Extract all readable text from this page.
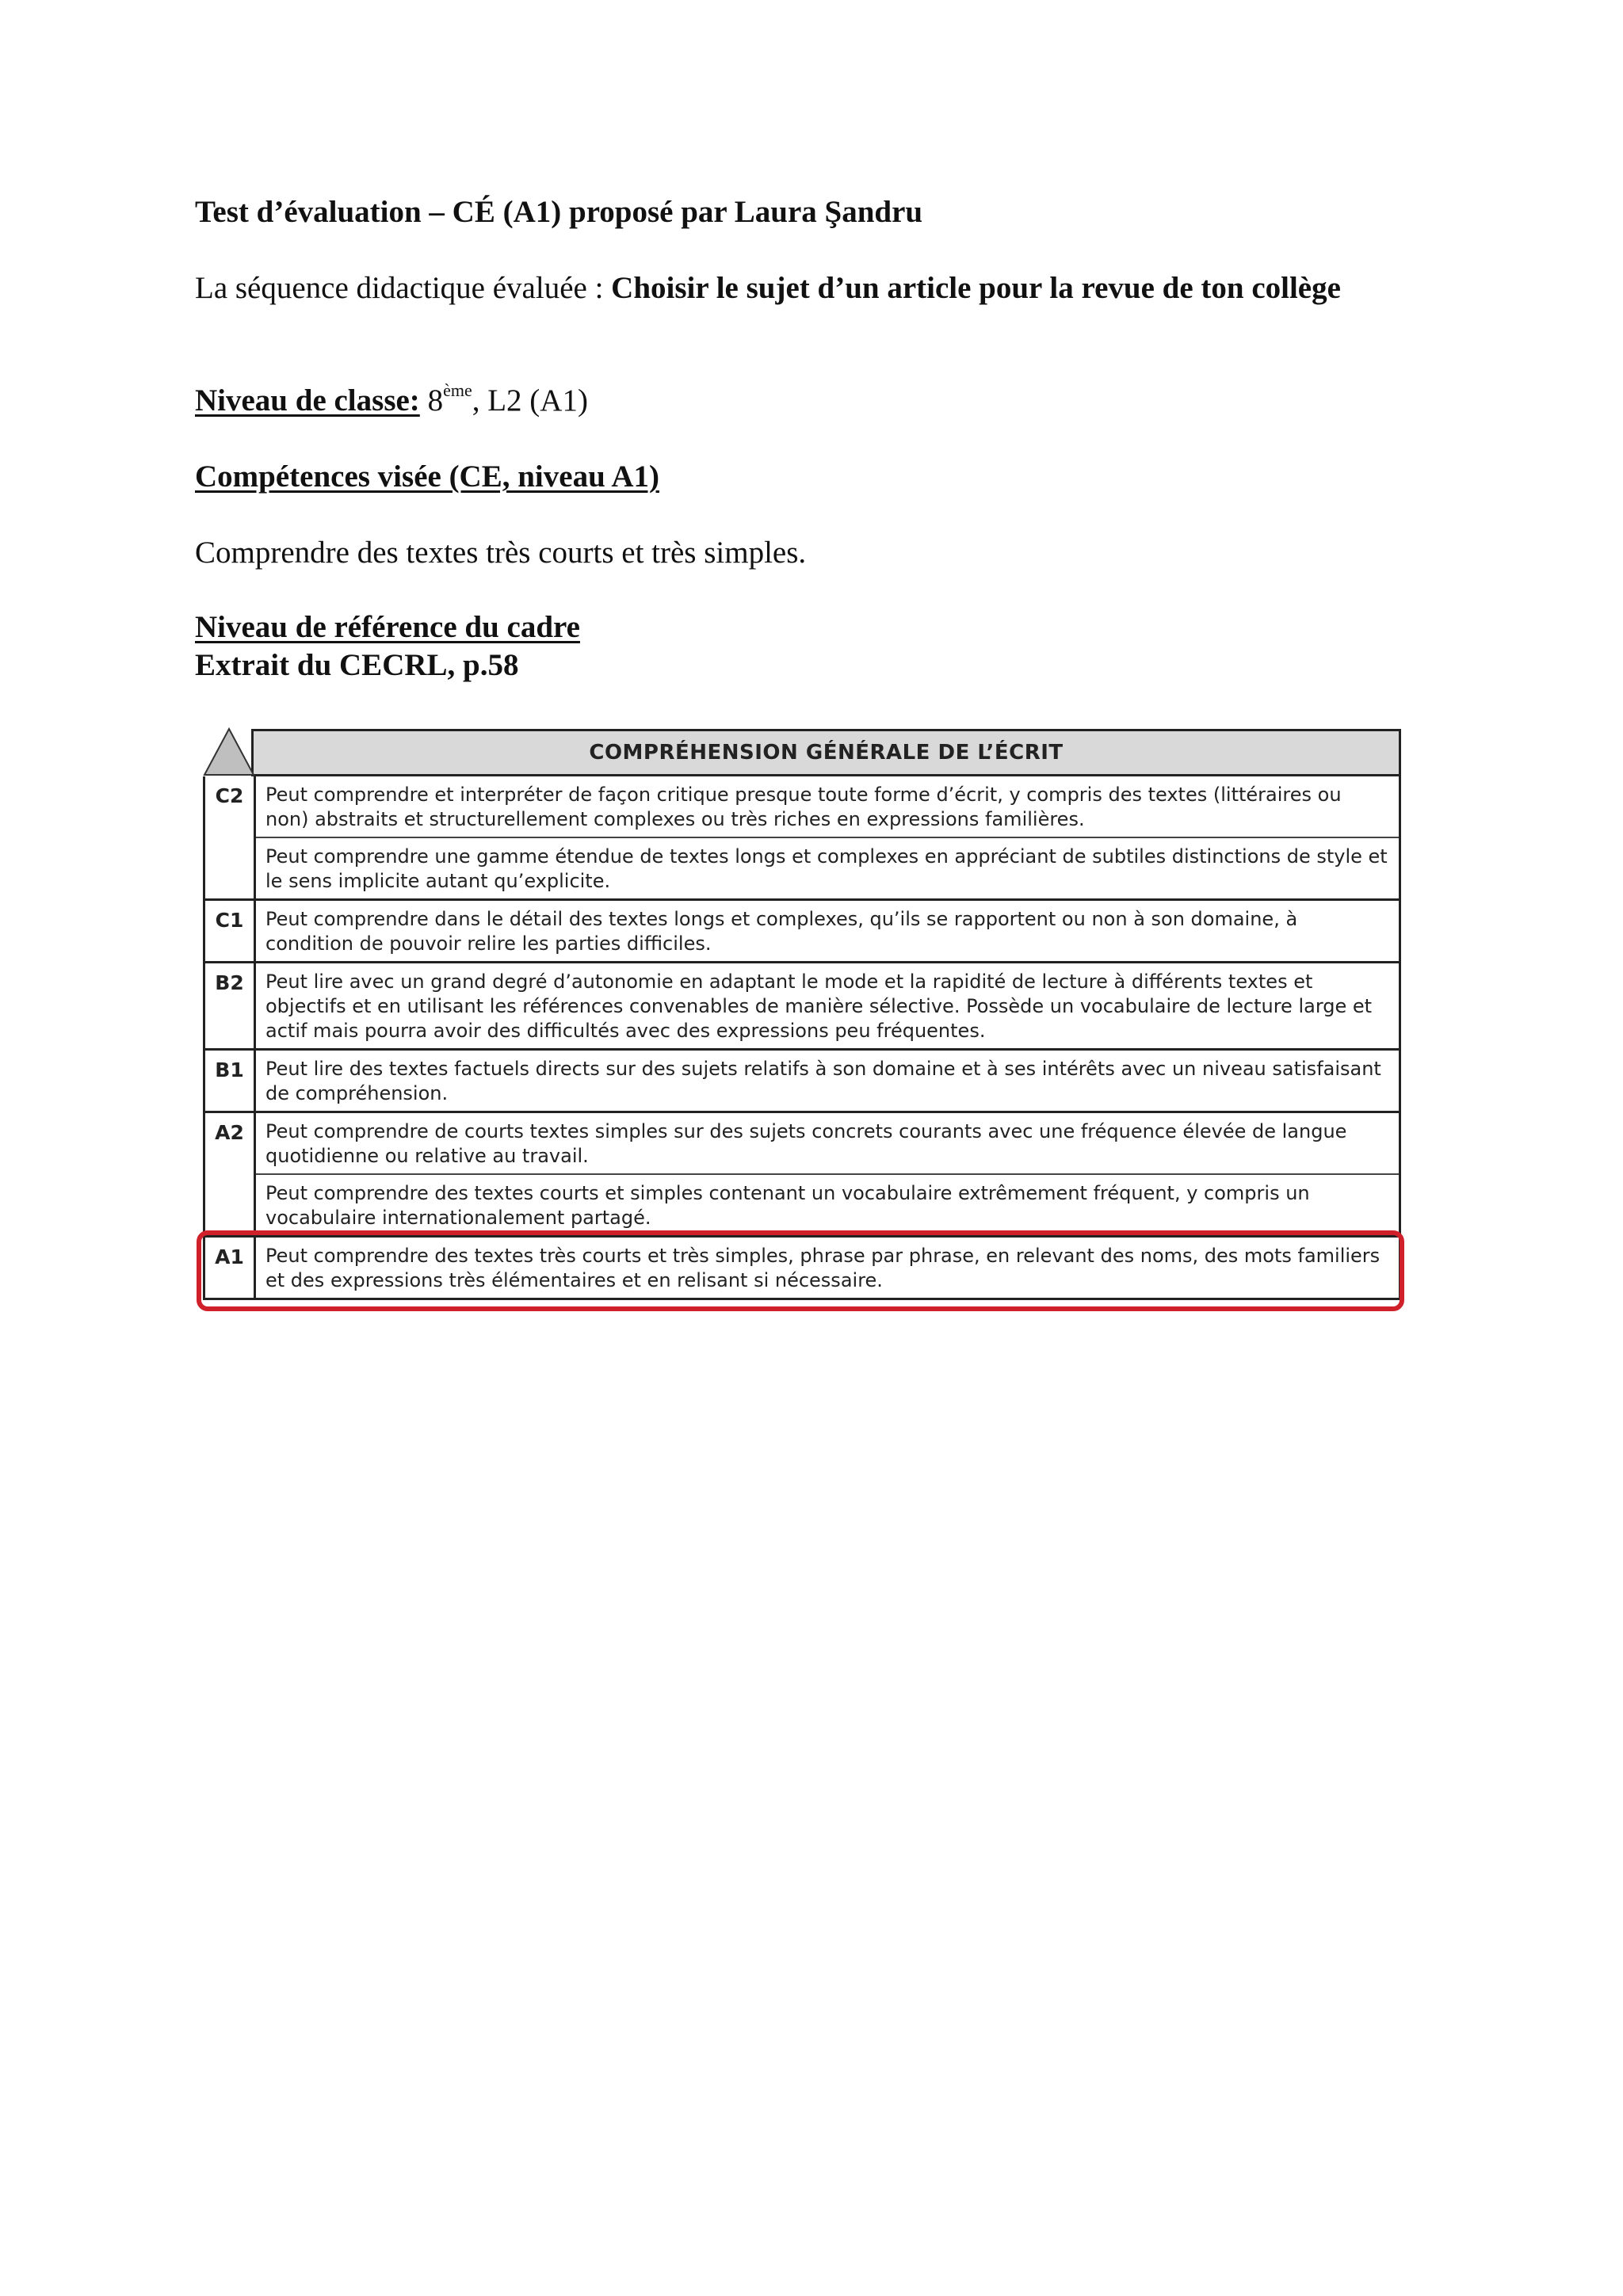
Test d’évaluation – CÉ (A1) proposé par Laura Şandru
La séquence didactique évaluée : Choisir le sujet d’un article pour la revue de ton collège
Niveau de classe: 8ème, L2 (A1)
Compétences visée (CE, niveau A1)
Comprendre des textes très courts et très simples.
Niveau de référence du cadre
Extrait du CECRL, p.58
COMPRÉHENSION GÉNÉRALE DE L’ÉCRIT
C2	Peut comprendre et interpréter de façon critique presque toute forme d’écrit, y compris des textes (littéraires ou non) abstraits et structurellement complexes ou très riches en expressions familières.
Peut comprendre une gamme étendue de textes longs et complexes en appréciant de subtiles distinctions de style et le sens implicite autant qu’explicite.
C1	Peut comprendre dans le détail des textes longs et complexes, qu’ils se rapportent ou non à son domaine, à condition de pouvoir relire les parties difficiles.
B2	Peut lire avec un grand degré d’autonomie en adaptant le mode et la rapidité de lecture à différents textes et objectifs et en utilisant les références convenables de manière sélective. Possède un vocabulaire de lecture large et actif mais pourra avoir des difficultés avec des expressions peu fréquentes.
B1	Peut lire des textes factuels directs sur des sujets relatifs à son domaine et à ses intérêts avec un niveau satisfaisant de compréhension.
A2	Peut comprendre de courts textes simples sur des sujets concrets courants avec une fréquence élevée de langue quotidienne ou relative au travail.
Peut comprendre des textes courts et simples contenant un vocabulaire extrêmement fréquent, y compris un vocabulaire internationalement partagé.
A1	Peut comprendre des textes très courts et très simples, phrase par phrase, en relevant des noms, des mots familiers et des expressions très élémentaires et en relisant si nécessaire.
